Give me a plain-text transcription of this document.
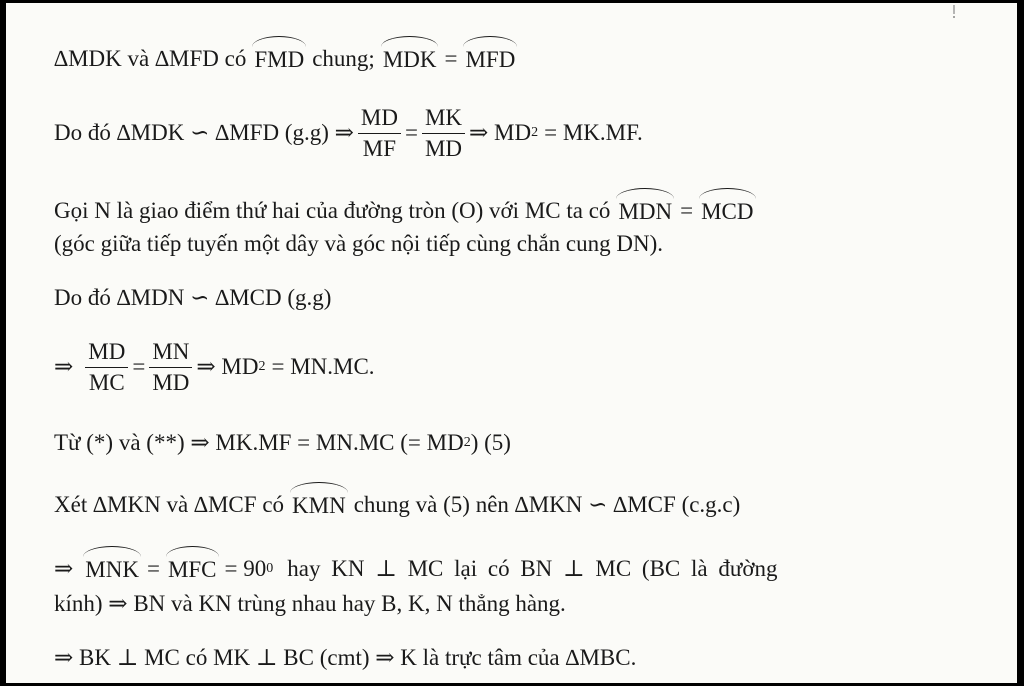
∆MDK và ∆MFD có FMD chung; MDK = MFD
Do đó ∆MDK ∽ ∆MFD (g.g) ⇒ $\frac{MD}{MF} = \frac{MK}{MD}$ ⇒ MD 2 = MK.MF.
Gọi N là giao điểm thứ hai của đường tròn (O) với MC ta có MDN = MCD
(góc giữa tiếp tuyến một dây và góc nội tiếp cùng chắn cung DN).
Do đó ∆MDN ∽ ∆MCD (g.g)
⇒ $\frac{MD}{MC} = \frac{MN}{MD}$ ⇒ MD 2 = MN.MC.
Từ (*) và (**) ⇒ MK.MF = MN.MC (= MD 2 ) (5)
Xét ∆MKN và ∆MCF có KMN chung và (5) nên ∆MKN ∽ ∆MCF (c.g.c)
⇒ MNK = MFC = 90 0 hay KN ⊥ MC lại có BN ⊥ MC (BC là đường
kính) ⇒ BN và KN trùng nhau hay B, K, N thẳng hàng.
⇒ BK ⊥ MC có MK ⊥ BC (cmt) ⇒ K là trực tâm của ∆MBC.
